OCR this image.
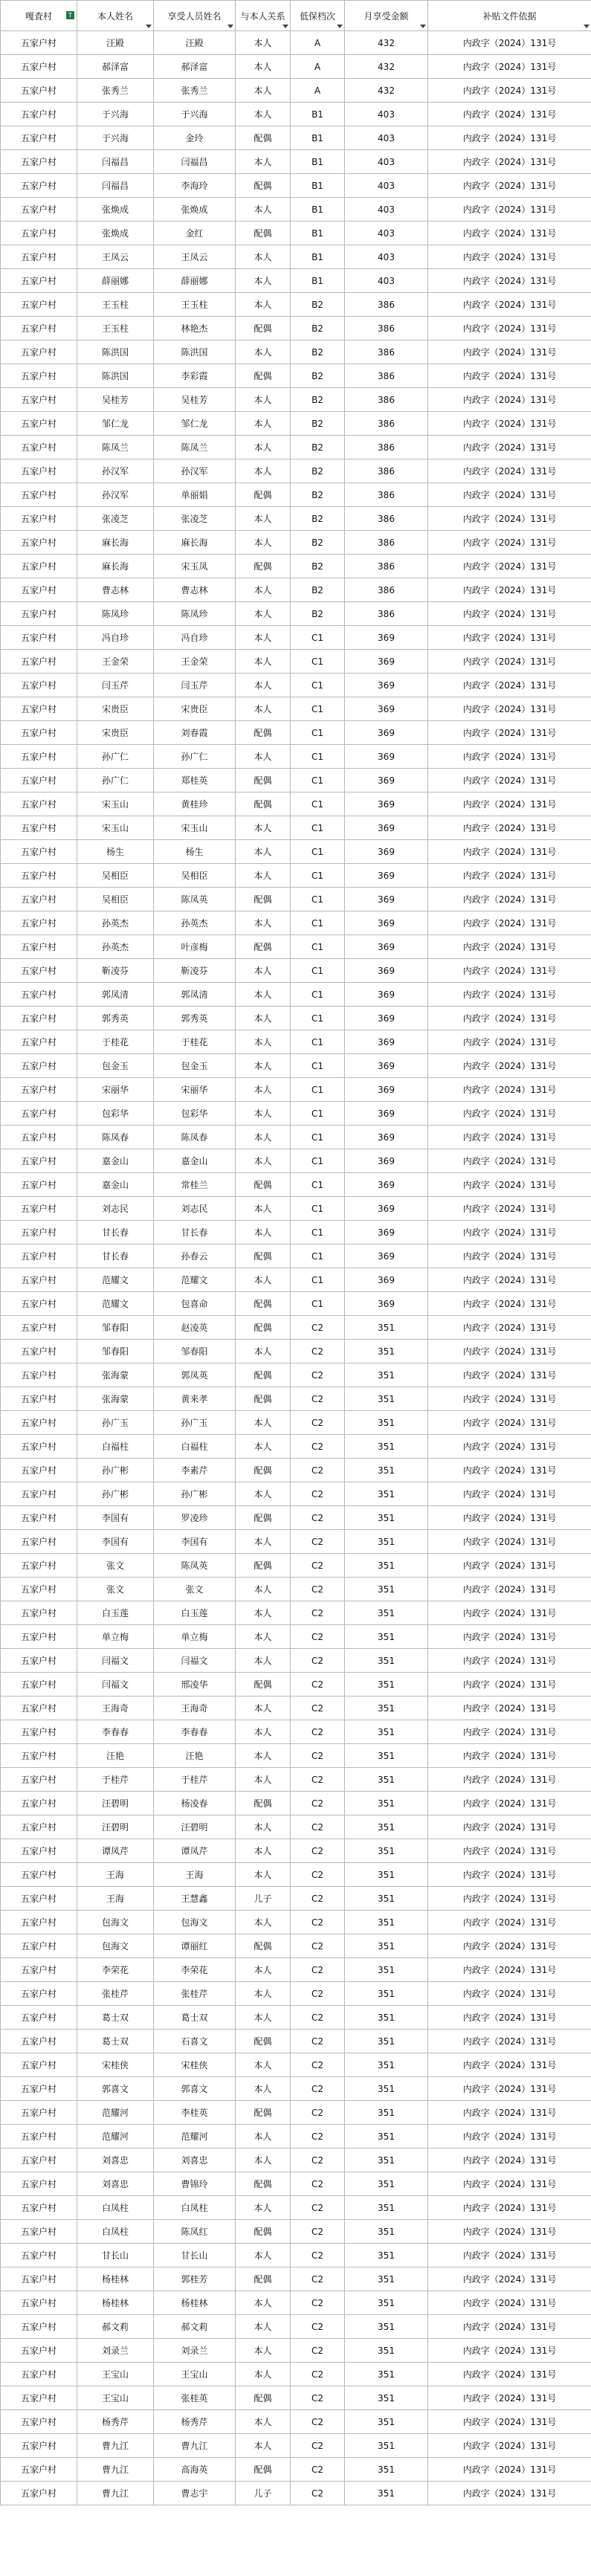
嘎査村 T	本人姓名	享受人员姓名	与本人关系	低保档次	月享受金额	补贴文件依据

五家户村	汪殿	汪殿	本人	A	432	内政字（2024）131号
五家户村	郝泽富	郝泽富	本人	A	432	内政字（2024）131号
五家户村	张秀兰	张秀兰	本人	A	432	内政字（2024）131号
五家户村	于兴海	于兴海	本人	B1	403	内政字（2024）131号
五家户村	于兴海	金玲	配偶	B1	403	内政字（2024）131号
五家户村	闫福昌	闫福昌	本人	B1	403	内政字（2024）131号
五家户村	闫福昌	李海玲	配偶	B1	403	内政字（2024）131号
五家户村	张焕成	张焕成	本人	B1	403	内政字（2024）131号
五家户村	张焕成	金红	配偶	B1	403	内政字（2024）131号
五家户村	王凤云	王凤云	本人	B1	403	内政字（2024）131号
五家户村	薛丽娜	薛丽娜	本人	B1	403	内政字（2024）131号
五家户村	王玉柱	王玉柱	本人	B2	386	内政字（2024）131号
五家户村	王玉柱	林艳杰	配偶	B2	386	内政字（2024）131号
五家户村	陈洪国	陈洪国	本人	B2	386	内政字（2024）131号
五家户村	陈洪国	李彩霞	配偶	B2	386	内政字（2024）131号
五家户村	吴桂芳	吴桂芳	本人	B2	386	内政字（2024）131号
五家户村	邹仁龙	邹仁龙	本人	B2	386	内政字（2024）131号
五家户村	陈凤兰	陈凤兰	本人	B2	386	内政字（2024）131号
五家户村	孙汉军	孙汉军	本人	B2	386	内政字（2024）131号
五家户村	孙汉军	单丽娟	配偶	B2	386	内政字（2024）131号
五家户村	张凌芝	张凌芝	本人	B2	386	内政字（2024）131号
五家户村	麻长海	麻长海	本人	B2	386	内政字（2024）131号
五家户村	麻长海	宋玉凤	配偶	B2	386	内政字（2024）131号
五家户村	曹志林	曹志林	本人	B2	386	内政字（2024）131号
五家户村	陈凤珍	陈凤珍	本人	B2	386	内政字（2024）131号
五家户村	冯自珍	冯自珍	本人	C1	369	内政字（2024）131号
五家户村	王金荣	王金荣	本人	C1	369	内政字（2024）131号
五家户村	闫玉芹	闫玉芹	本人	C1	369	内政字（2024）131号
五家户村	宋贵臣	宋贵臣	本人	C1	369	内政字（2024）131号
五家户村	宋贵臣	刘春霞	配偶	C1	369	内政字（2024）131号
五家户村	孙广仁	孙广仁	本人	C1	369	内政字（2024）131号
五家户村	孙广仁	郑桂英	配偶	C1	369	内政字（2024）131号
五家户村	宋玉山	黄桂珍	配偶	C1	369	内政字（2024）131号
五家户村	宋玉山	宋玉山	本人	C1	369	内政字（2024）131号
五家户村	杨生	杨生	本人	C1	369	内政字（2024）131号
五家户村	吴相臣	吴相臣	本人	C1	369	内政字（2024）131号
五家户村	吴相臣	陈凤英	配偶	C1	369	内政字（2024）131号
五家户村	孙英杰	孙英杰	本人	C1	369	内政字（2024）131号
五家户村	孙英杰	叶彦梅	配偶	C1	369	内政字（2024）131号
五家户村	靳凌芬	靳凌芬	本人	C1	369	内政字（2024）131号
五家户村	郭凤清	郭凤清	本人	C1	369	内政字（2024）131号
五家户村	郭秀英	郭秀英	本人	C1	369	内政字（2024）131号
五家户村	于桂花	于桂花	本人	C1	369	内政字（2024）131号
五家户村	包金玉	包金玉	本人	C1	369	内政字（2024）131号
五家户村	宋丽华	宋丽华	本人	C1	369	内政字（2024）131号
五家户村	包彩华	包彩华	本人	C1	369	内政字（2024）131号
五家户村	陈凤春	陈凤春	本人	C1	369	内政字（2024）131号
五家户村	嘉金山	嘉金山	本人	C1	369	内政字（2024）131号
五家户村	嘉金山	常桂兰	配偶	C1	369	内政字（2024）131号
五家户村	刘志民	刘志民	本人	C1	369	内政字（2024）131号
五家户村	甘长春	甘长春	本人	C1	369	内政字（2024）131号
五家户村	甘长春	孙春云	配偶	C1	369	内政字（2024）131号
五家户村	范耀文	范耀文	本人	C1	369	内政字（2024）131号
五家户村	范耀文	包喜命	配偶	C1	369	内政字（2024）131号
五家户村	邹春阳	赵凌英	配偶	C2	351	内政字（2024）131号
五家户村	邹春阳	邹春阳	本人	C2	351	内政字（2024）131号
五家户村	张海蒙	郭凤英	配偶	C2	351	内政字（2024）131号
五家户村	张海蒙	黄来孝	配偶	C2	351	内政字（2024）131号
五家户村	孙广玉	孙广玉	本人	C2	351	内政字（2024）131号
五家户村	白福柱	白福柱	本人	C2	351	内政字（2024）131号
五家户村	孙广彬	李素芹	配偶	C2	351	内政字（2024）131号
五家户村	孙广彬	孙广彬	本人	C2	351	内政字（2024）131号
五家户村	李国有	罗凌珍	配偶	C2	351	内政字（2024）131号
五家户村	李国有	李国有	本人	C2	351	内政字（2024）131号
五家户村	张文	陈凤英	配偶	C2	351	内政字（2024）131号
五家户村	张文	张文	本人	C2	351	内政字（2024）131号
五家户村	白玉莲	白玉莲	本人	C2	351	内政字（2024）131号
五家户村	单立梅	单立梅	本人	C2	351	内政字（2024）131号
五家户村	闫福文	闫福文	本人	C2	351	内政字（2024）131号
五家户村	闫福文	邢凌华	配偶	C2	351	内政字（2024）131号
五家户村	王海奇	王海奇	本人	C2	351	内政字（2024）131号
五家户村	李春春	李春春	本人	C2	351	内政字（2024）131号
五家户村	汪艳	汪艳	本人	C2	351	内政字（2024）131号
五家户村	于桂芹	于桂芹	本人	C2	351	内政字（2024）131号
五家户村	汪碧明	杨凌春	配偶	C2	351	内政字（2024）131号
五家户村	汪碧明	汪碧明	本人	C2	351	内政字（2024）131号
五家户村	谭凤芹	谭凤芹	本人	C2	351	内政字（2024）131号
五家户村	王海	王海	本人	C2	351	内政字（2024）131号
五家户村	王海	王慧鑫	儿子	C2	351	内政字（2024）131号
五家户村	包海文	包海文	本人	C2	351	内政字（2024）131号
五家户村	包海文	谭丽红	配偶	C2	351	内政字（2024）131号
五家户村	李荣花	李荣花	本人	C2	351	内政字（2024）131号
五家户村	张桂芹	张桂芹	本人	C2	351	内政字（2024）131号
五家户村	葛士双	葛士双	本人	C2	351	内政字（2024）131号
五家户村	葛士双	石喜文	配偶	C2	351	内政字（2024）131号
五家户村	宋桂侠	宋桂侠	本人	C2	351	内政字（2024）131号
五家户村	郭喜文	郭喜文	本人	C2	351	内政字（2024）131号
五家户村	范耀河	李桂英	配偶	C2	351	内政字（2024）131号
五家户村	范耀河	范耀河	本人	C2	351	内政字（2024）131号
五家户村	刘喜忠	刘喜忠	本人	C2	351	内政字（2024）131号
五家户村	刘喜忠	曹锦玲	配偶	C2	351	内政字（2024）131号
五家户村	白凤柱	白凤柱	本人	C2	351	内政字（2024）131号
五家户村	白凤柱	陈凤红	配偶	C2	351	内政字（2024）131号
五家户村	甘长山	甘长山	本人	C2	351	内政字（2024）131号
五家户村	杨桂林	郭桂芳	配偶	C2	351	内政字（2024）131号
五家户村	杨桂林	杨桂林	本人	C2	351	内政字（2024）131号
五家户村	郝文莉	郝文莉	本人	C2	351	内政字（2024）131号
五家户村	刘录兰	刘录兰	本人	C2	351	内政字（2024）131号
五家户村	王宝山	王宝山	本人	C2	351	内政字（2024）131号
五家户村	王宝山	张桂英	配偶	C2	351	内政字（2024）131号
五家户村	杨秀芹	杨秀芹	本人	C2	351	内政字（2024）131号
五家户村	曹九江	曹九江	本人	C2	351	内政字（2024）131号
五家户村	曹九江	高海英	配偶	C2	351	内政字（2024）131号
五家户村	曹九江	曹志宇	儿子	C2	351	内政字（2024）131号
